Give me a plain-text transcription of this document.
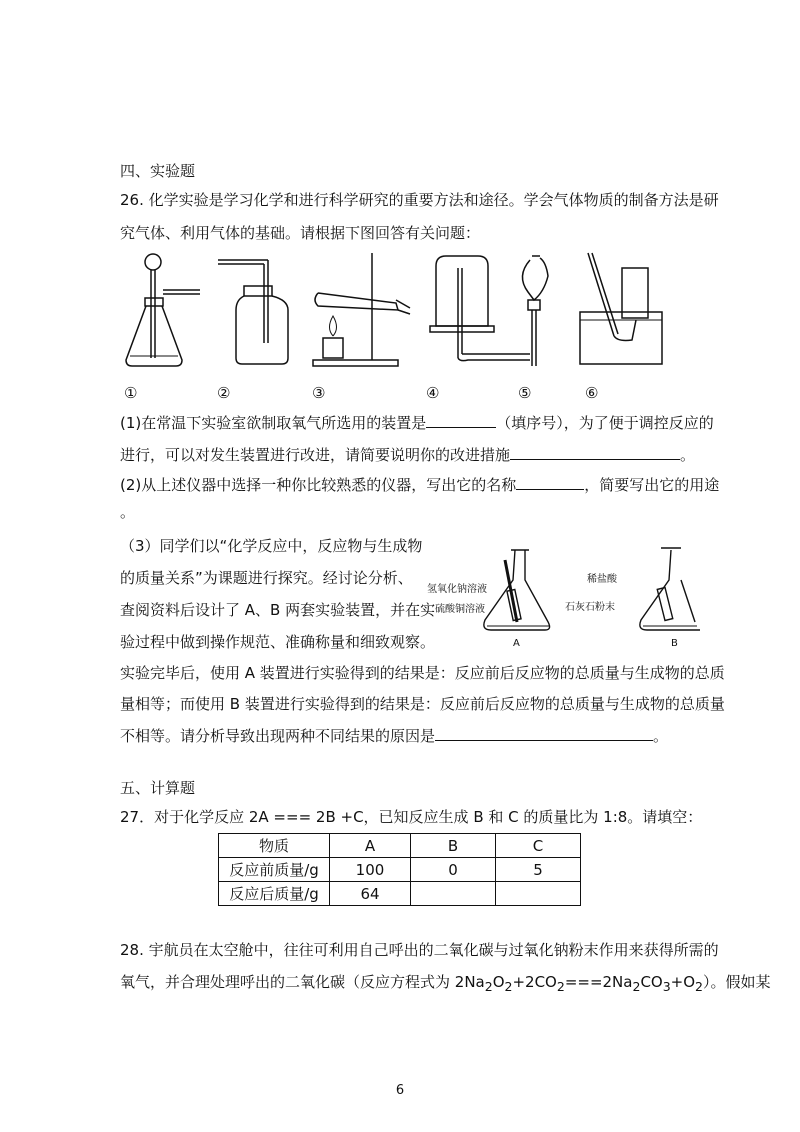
四、实验题
26. 化学实验是学习化学和进行科学研究的重要方法和途径。学会气体物质的制备方法是研
究气体、利用气体的基础。请根据下图回答有关问题：
①	②	③	④	⑤	⑥
(1)在常温下实验室欲制取氧气所选用的装置是	（填序号），为了便于调控反应的
进行，可以对发生装置进行改进，请简要说明你的改进措施	。
(2)从上述仪器中选择一种你比较熟悉的仪器，写出它的名称	，简要写出它的用途
。
（3）同学们以“化学反应中，反应物与生成物
的质量关系”为课题进行探究。经讨论分析、
查阅资料后设计了 A、B 两套实验装置，并在实
验过程中做到操作规范、准确称量和细致观察。
氢氧化钠溶液
硫酸铜溶液
A
稀盐酸
石灰石粉末
B
实验完毕后，使用 A 装置进行实验得到的结果是：反应前后反应物的总质量与生成物的总质
量相等；而使用 B 装置进行实验得到的结果是：反应前后反应物的总质量与生成物的总质量
不相等。请分析导致出现两种不同结果的原因是	。
五、计算题
27．对于化学反应 2A === 2B +C，已知反应生成 B 和 C 的质量比为 1:8。请填空：
物质	A	B	C
反应前质量/g	100	0	5
反应后质量/g	64		
28. 宇航员在太空舱中，往往可利用自己呼出的二氧化碳与过氧化钠粉末作用来获得所需的
氧气，并合理处理呼出的二氧化碳（反应方程式为 $2Na_2O_2+2CO_2===2Na_2CO_3+O_2$）。假如某
6
